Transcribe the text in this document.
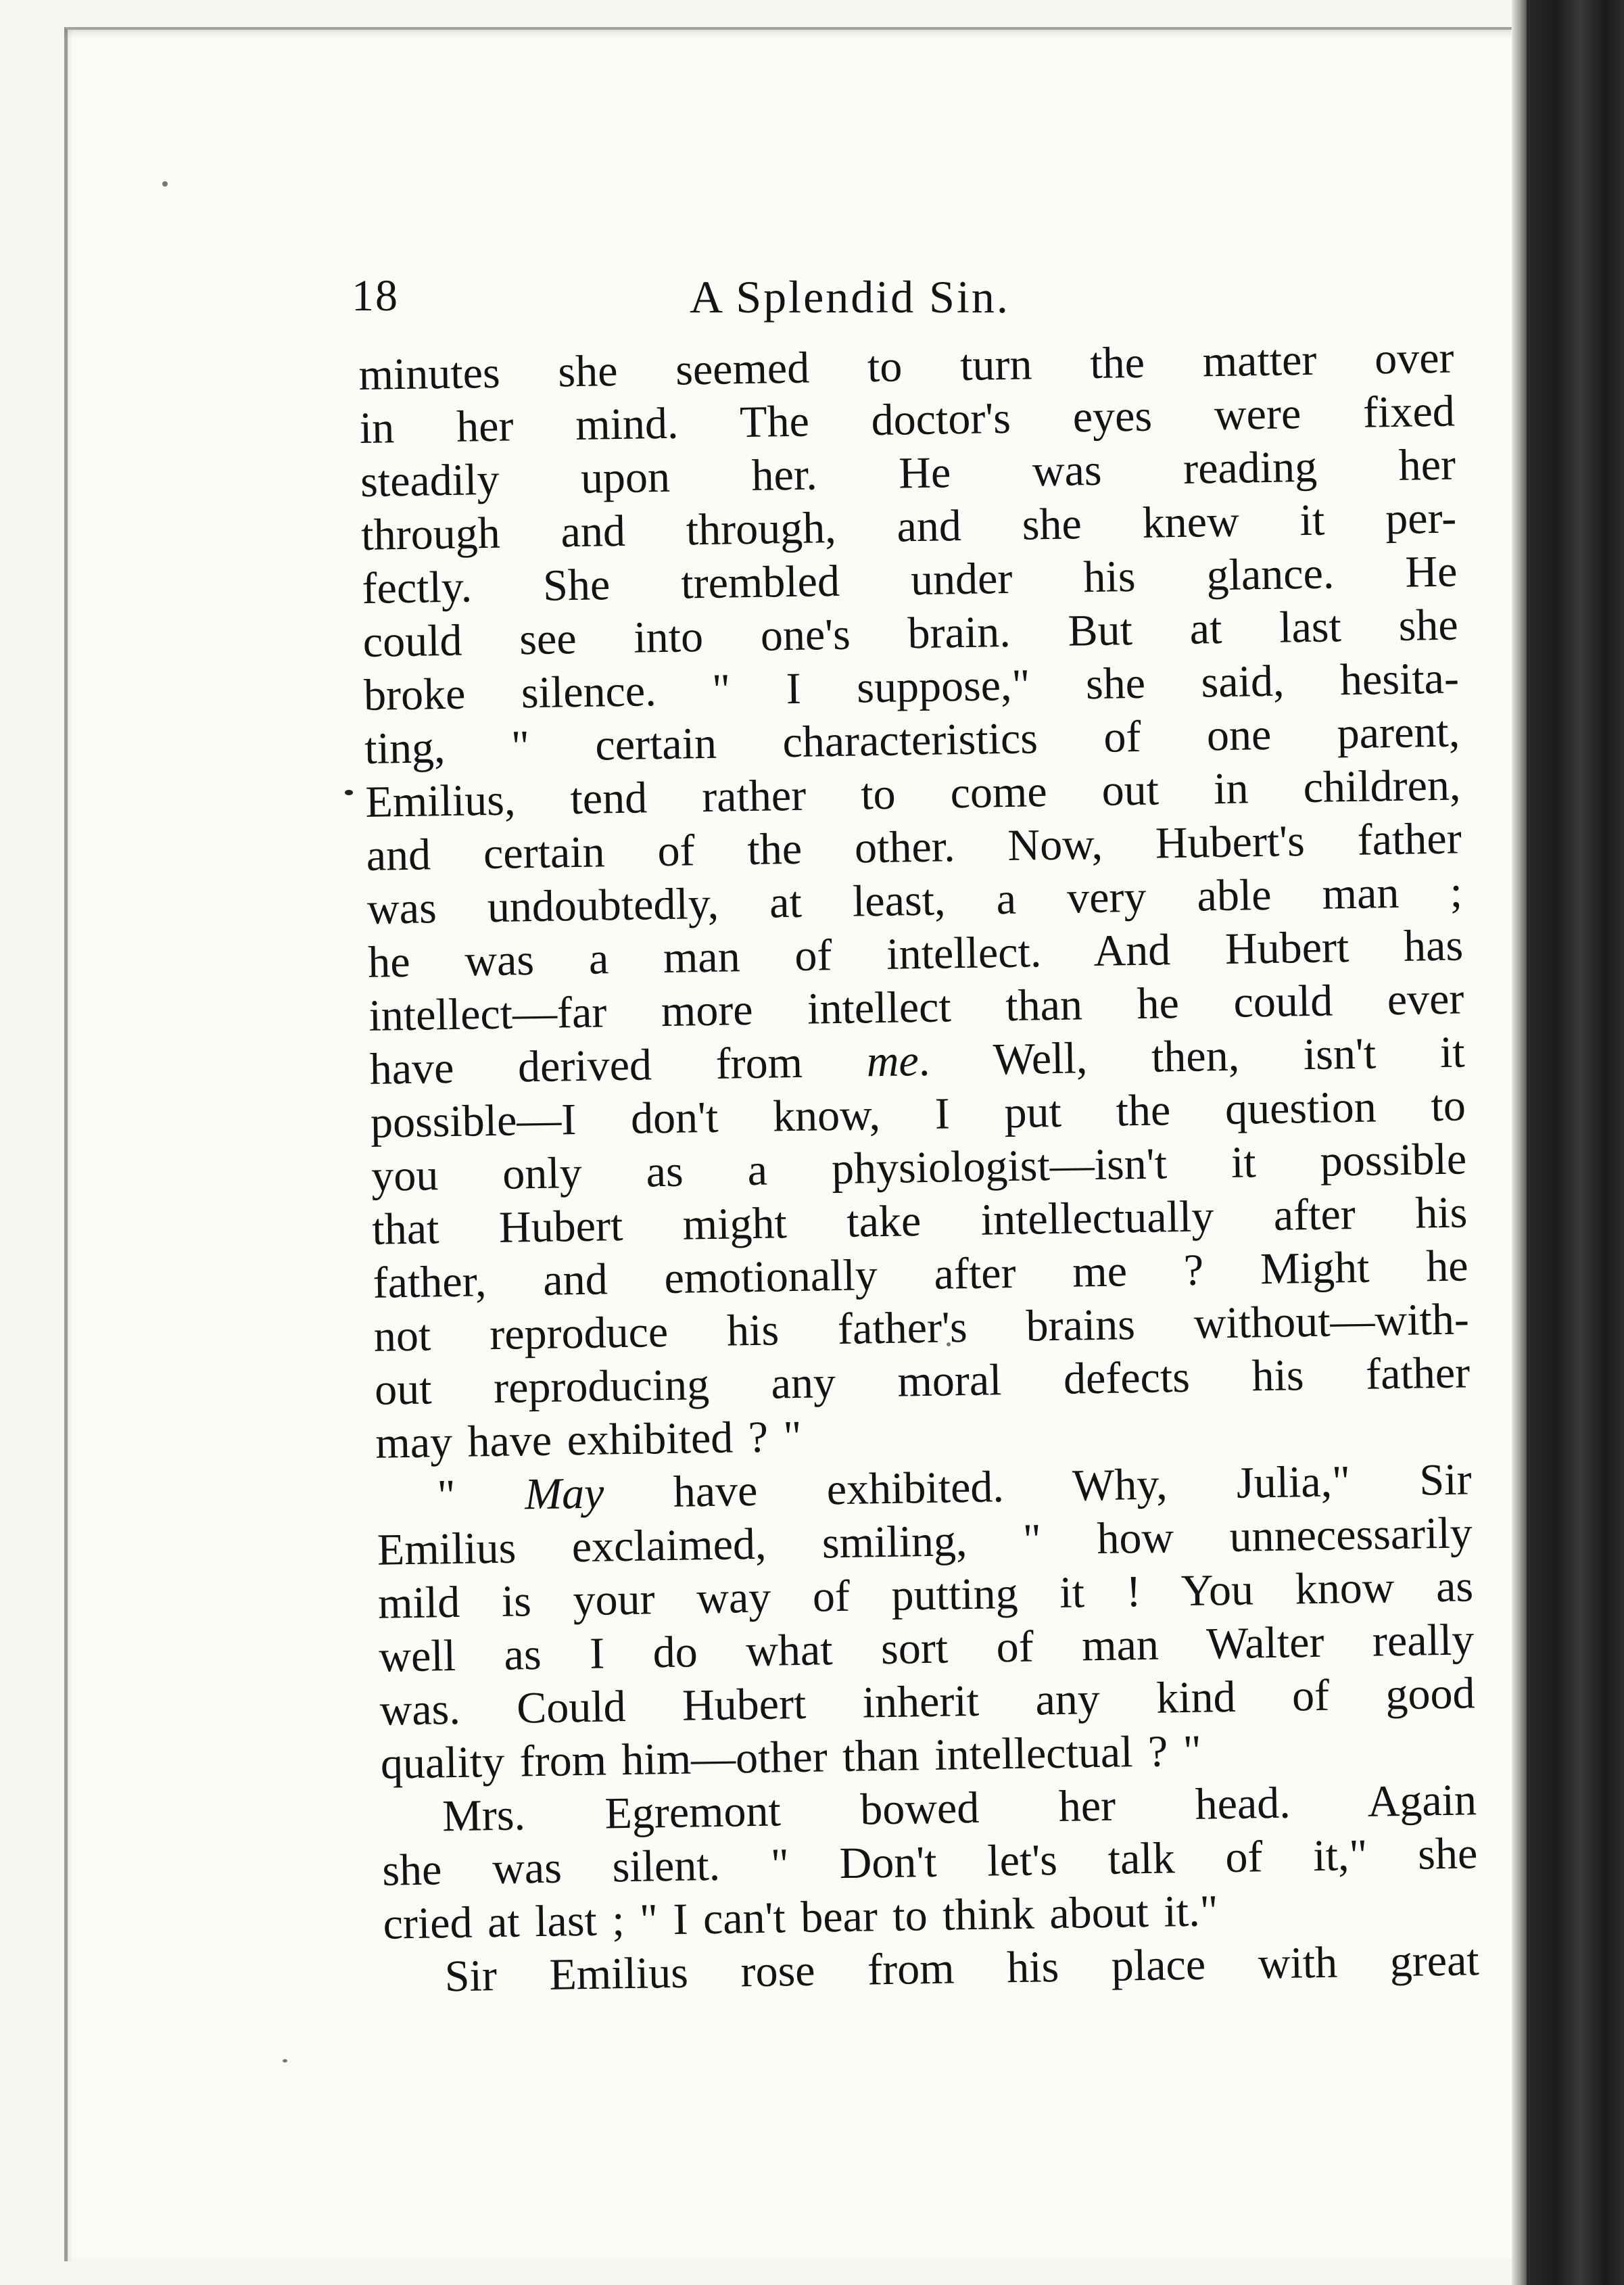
18	A Splendid Sin.
minutes she seemed to turn the matter over
in her mind. The doctor's eyes were fixed
steadily upon her. He was reading her
through and through, and she knew it per-
fectly. She trembled under his glance. He
could see into one's brain. But at last she
broke silence. " I suppose," she said, hesita-
ting, " certain characteristics of one parent,
Emilius, tend rather to come out in children,
and certain of the other. Now, Hubert's father
was undoubtedly, at least, a very able man ;
he was a man of intellect. And Hubert has
intellect—far more intellect than he could ever
have derived from me. Well, then, isn't it
possible—I don't know, I put the question to
you only as a physiologist—isn't it possible
that Hubert might take intellectually after his
father, and emotionally after me ? Might he
not reproduce his father's brains without—with-
out reproducing any moral defects his father
may have exhibited ? "
" May have exhibited. Why, Julia," Sir
Emilius exclaimed, smiling, " how unnecessarily
mild is your way of putting it ! You know as
well as I do what sort of man Walter really
was. Could Hubert inherit any kind of good
quality from him—other than intellectual ? "
Mrs. Egremont bowed her head. Again
she was silent. " Don't let's talk of it," she
cried at last ; " I can't bear to think about it."
Sir Emilius rose from his place with great
